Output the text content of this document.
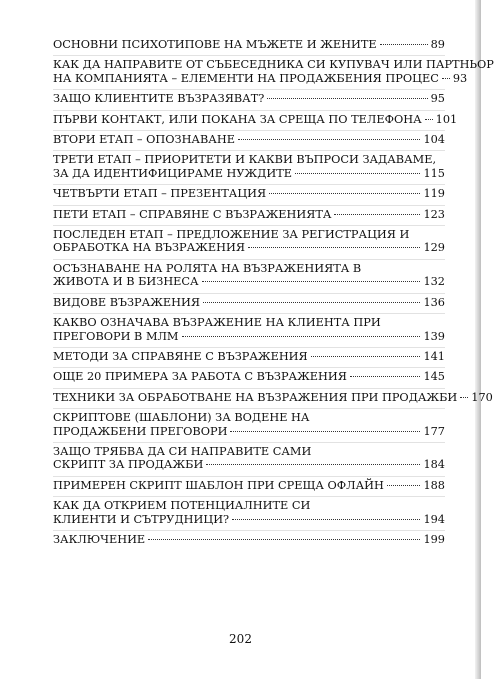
ОСНОВНИ ПСИХОТИПОВЕ НА МЪЖЕТЕ И ЖЕНИТЕ	89
КАК ДА НАПРАВИТЕ ОТ СЪБЕСЕДНИКА СИ КУПУВАЧ ИЛИ ПАРТНЬОР
НА КОМПАНИЯТА – ЕЛЕМЕНТИ НА ПРОДАЖБЕНИЯ ПРОЦЕС 93
ЗАЩО КЛИЕНТИТЕ ВЪЗРАЗЯВАТ?	95
ПЪРВИ КОНТАКТ, ИЛИ ПОКАНА ЗА СРЕЩА ПО ТЕЛЕФОНА 101
ВТОРИ ЕТАП – ОПОЗНАВАНЕ	104
ТРЕТИ ЕТАП – ПРИОРИТЕТИ И КАКВИ ВЪПРОСИ ЗАДАВАМЕ,
ЗА ДА ИДЕНТИФИЦИРАМЕ НУЖДИТЕ	115
ЧЕТВЪРТИ ЕТАП – ПРЕЗЕНТАЦИЯ	119
ПЕТИ ЕТАП – СПРАВЯНЕ С ВЪЗРАЖЕНИЯТА	123
ПОСЛЕДЕН ЕТАП – ПРЕДЛОЖЕНИЕ ЗА РЕГИСТРАЦИЯ И
ОБРАБОТКА НА ВЪЗРАЖЕНИЯ	129
ОСЪЗНАВАНЕ НА РОЛЯТА НА ВЪЗРАЖЕНИЯТА В
ЖИВОТА И В БИЗНЕСА	132
ВИДОВЕ ВЪЗРАЖЕНИЯ	136
КАКВО ОЗНАЧАВА ВЪЗРАЖЕНИЕ НА КЛИЕНТА ПРИ
ПРЕГОВОРИ В МЛМ	139
МЕТОДИ ЗА СПРАВЯНЕ С ВЪЗРАЖЕНИЯ	141
ОЩЕ 20 ПРИМЕРА ЗА РАБОТА С ВЪЗРАЖЕНИЯ	145
ТЕХНИКИ ЗА ОБРАБОТВАНЕ НА ВЪЗРАЖЕНИЯ ПРИ ПРОДАЖБИ 170
СКРИПТОВЕ (ШАБЛОНИ) ЗА ВОДЕНЕ НА
ПРОДАЖБЕНИ ПРЕГОВОРИ	177
ЗАЩО ТРЯБВА ДА СИ НАПРАВИТЕ САМИ
СКРИПТ ЗА ПРОДАЖБИ	184
ПРИМЕРЕН СКРИПТ ШАБЛОН ПРИ СРЕЩА ОФЛАЙН	188
КАК ДА ОТКРИЕМ ПОТЕНЦИАЛНИТЕ СИ
КЛИЕНТИ И СЪТРУДНИЦИ?	194
ЗАКЛЮЧЕНИЕ	199
202
